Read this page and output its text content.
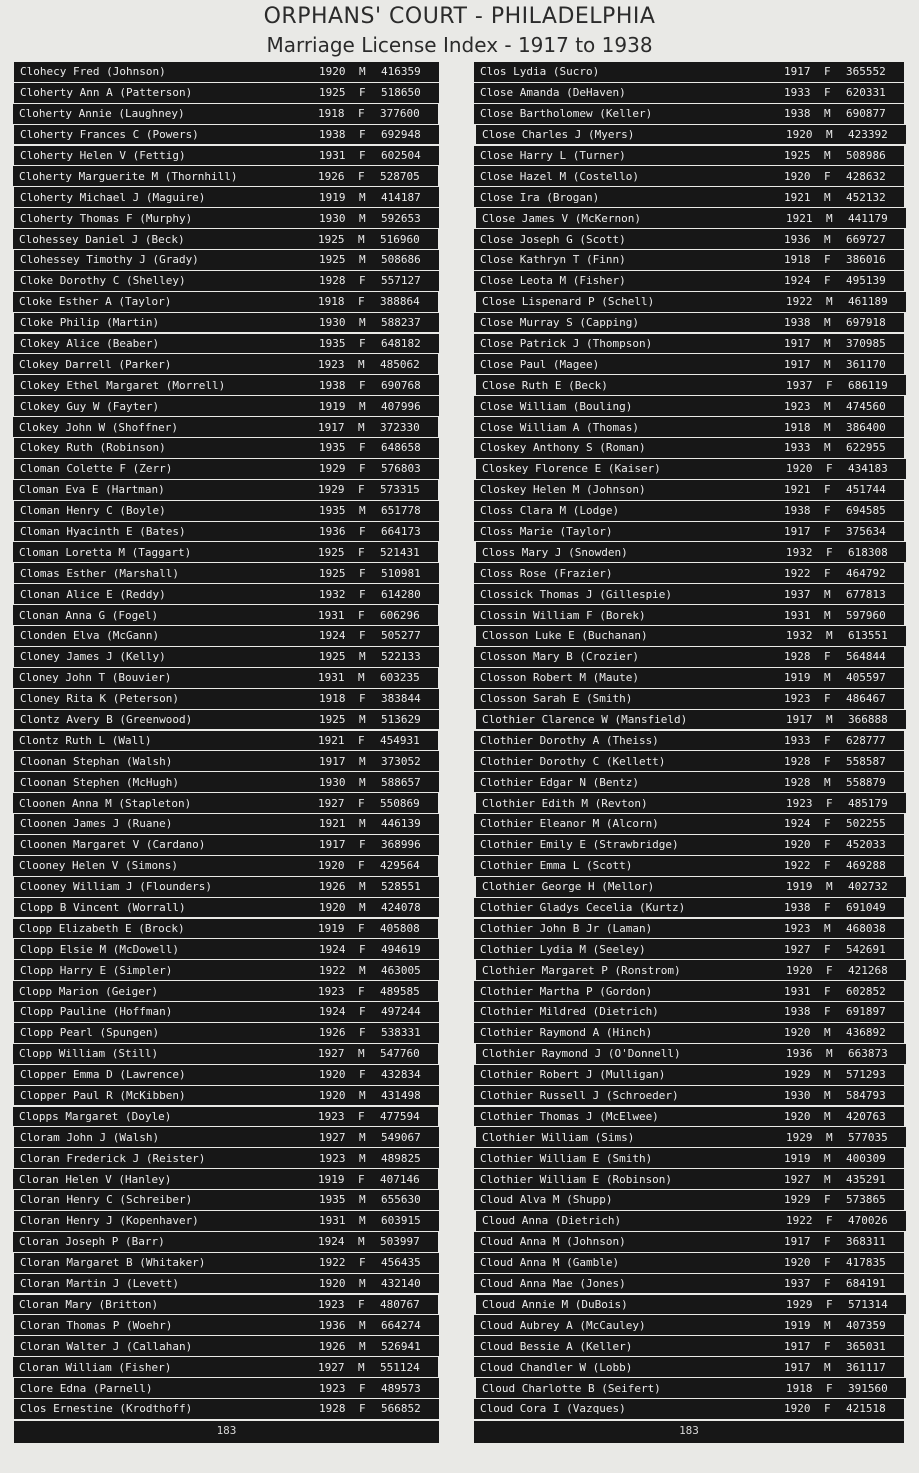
ORPHANS' COURT - PHILADELPHIA
Marriage License Index - 1917 to 1938
Clohecy Fred (Johnson)	1920	M	416359
Cloherty Ann A (Patterson)	1925	F	518650
Cloherty Annie (Laughney)	1918	F	377600
Cloherty Frances C (Powers)	1938	F	692948
Cloherty Helen V (Fettig)	1931	F	602504
Cloherty Marguerite M (Thornhill)	1926	F	528705
Cloherty Michael J (Maguire)	1919	M	414187
Cloherty Thomas F (Murphy)	1930	M	592653
Clohessey Daniel J (Beck)	1925	M	516960
Clohessey Timothy J (Grady)	1925	M	508686
Cloke Dorothy C (Shelley)	1928	F	557127
Cloke Esther A (Taylor)	1918	F	388864
Cloke Philip (Martin)	1930	M	588237
Clokey Alice (Beaber)	1935	F	648182
Clokey Darrell (Parker)	1923	M	485062
Clokey Ethel Margaret (Morrell)	1938	F	690768
Clokey Guy W (Fayter)	1919	M	407996
Clokey John W (Shoffner)	1917	M	372330
Clokey Ruth (Robinson)	1935	F	648658
Cloman Colette F (Zerr)	1929	F	576803
Cloman Eva E (Hartman)	1929	F	573315
Cloman Henry C (Boyle)	1935	M	651778
Cloman Hyacinth E (Bates)	1936	F	664173
Cloman Loretta M (Taggart)	1925	F	521431
Clomas Esther (Marshall)	1925	F	510981
Clonan Alice E (Reddy)	1932	F	614280
Clonan Anna G (Fogel)	1931	F	606296
Clonden Elva (McGann)	1924	F	505277
Cloney James J (Kelly)	1925	M	522133
Cloney John T (Bouvier)	1931	M	603235
Cloney Rita K (Peterson)	1918	F	383844
Clontz Avery B (Greenwood)	1925	M	513629
Clontz Ruth L (Wall)	1921	F	454931
Cloonan Stephan (Walsh)	1917	M	373052
Cloonan Stephen (McHugh)	1930	M	588657
Cloonen Anna M (Stapleton)	1927	F	550869
Cloonen James J (Ruane)	1921	M	446139
Cloonen Margaret V (Cardano)	1917	F	368996
Clooney Helen V (Simons)	1920	F	429564
Clooney William J (Flounders)	1926	M	528551
Clopp B Vincent (Worrall)	1920	M	424078
Clopp Elizabeth E (Brock)	1919	F	405808
Clopp Elsie M (McDowell)	1924	F	494619
Clopp Harry E (Simpler)	1922	M	463005
Clopp Marion (Geiger)	1923	F	489585
Clopp Pauline (Hoffman)	1924	F	497244
Clopp Pearl (Spungen)	1926	F	538331
Clopp William (Still)	1927	M	547760
Clopper Emma D (Lawrence)	1920	F	432834
Clopper Paul R (McKibben)	1920	M	431498
Clopps Margaret (Doyle)	1923	F	477594
Cloram John J (Walsh)	1927	M	549067
Cloran Frederick J (Reister)	1923	M	489825
Cloran Helen V (Hanley)	1919	F	407146
Cloran Henry C (Schreiber)	1935	M	655630
Cloran Henry J (Kopenhaver)	1931	M	603915
Cloran Joseph P (Barr)	1924	M	503997
Cloran Margaret B (Whitaker)	1922	F	456435
Cloran Martin J (Levett)	1920	M	432140
Cloran Mary (Britton)	1923	F	480767
Cloran Thomas P (Woehr)	1936	M	664274
Cloran Walter J (Callahan)	1926	M	526941
Cloran William (Fisher)	1927	M	551124
Clore Edna (Parnell)	1923	F	489573
Clos Ernestine (Krodthoff)	1928	F	566852
183
Clos Lydia (Sucro)	1917	F	365552
Close Amanda (DeHaven)	1933	F	620331
Close Bartholomew (Keller)	1938	M	690877
Close Charles J (Myers)	1920	M	423392
Close Harry L (Turner)	1925	M	508986
Close Hazel M (Costello)	1920	F	428632
Close Ira (Brogan)	1921	M	452132
Close James V (McKernon)	1921	M	441179
Close Joseph G (Scott)	1936	M	669727
Close Kathryn T (Finn)	1918	F	386016
Close Leota M (Fisher)	1924	F	495139
Close Lispenard P (Schell)	1922	M	461189
Close Murray S (Capping)	1938	M	697918
Close Patrick J (Thompson)	1917	M	370985
Close Paul (Magee)	1917	M	361170
Close Ruth E (Beck)	1937	F	686119
Close William (Bouling)	1923	M	474560
Close William A (Thomas)	1918	M	386400
Closkey Anthony S (Roman)	1933	M	622955
Closkey Florence E (Kaiser)	1920	F	434183
Closkey Helen M (Johnson)	1921	F	451744
Closs Clara M (Lodge)	1938	F	694585
Closs Marie (Taylor)	1917	F	375634
Closs Mary J (Snowden)	1932	F	618308
Closs Rose (Frazier)	1922	F	464792
Clossick Thomas J (Gillespie)	1937	M	677813
Clossin William F (Borek)	1931	M	597960
Closson Luke E (Buchanan)	1932	M	613551
Closson Mary B (Crozier)	1928	F	564844
Closson Robert M (Maute)	1919	M	405597
Closson Sarah E (Smith)	1923	F	486467
Clothier Clarence W (Mansfield)	1917	M	366888
Clothier Dorothy A (Theiss)	1933	F	628777
Clothier Dorothy C (Kellett)	1928	F	558587
Clothier Edgar N (Bentz)	1928	M	558879
Clothier Edith M (Revton)	1923	F	485179
Clothier Eleanor M (Alcorn)	1924	F	502255
Clothier Emily E (Strawbridge)	1920	F	452033
Clothier Emma L (Scott)	1922	F	469288
Clothier George H (Mellor)	1919	M	402732
Clothier Gladys Cecelia (Kurtz)	1938	F	691049
Clothier John B Jr (Laman)	1923	M	468038
Clothier Lydia M (Seeley)	1927	F	542691
Clothier Margaret P (Ronstrom)	1920	F	421268
Clothier Martha P (Gordon)	1931	F	602852
Clothier Mildred (Dietrich)	1938	F	691897
Clothier Raymond A (Hinch)	1920	M	436892
Clothier Raymond J (O'Donnell)	1936	M	663873
Clothier Robert J (Mulligan)	1929	M	571293
Clothier Russell J (Schroeder)	1930	M	584793
Clothier Thomas J (McElwee)	1920	M	420763
Clothier William (Sims)	1929	M	577035
Clothier William E (Smith)	1919	M	400309
Clothier William E (Robinson)	1927	M	435291
Cloud Alva M (Shupp)	1929	F	573865
Cloud Anna (Dietrich)	1922	F	470026
Cloud Anna M (Johnson)	1917	F	368311
Cloud Anna M (Gamble)	1920	F	417835
Cloud Anna Mae (Jones)	1937	F	684191
Cloud Annie M (DuBois)	1929	F	571314
Cloud Aubrey A (McCauley)	1919	M	407359
Cloud Bessie A (Keller)	1917	F	365031
Cloud Chandler W (Lobb)	1917	M	361117
Cloud Charlotte B (Seifert)	1918	F	391560
Cloud Cora I (Vazques)	1920	F	421518
183
